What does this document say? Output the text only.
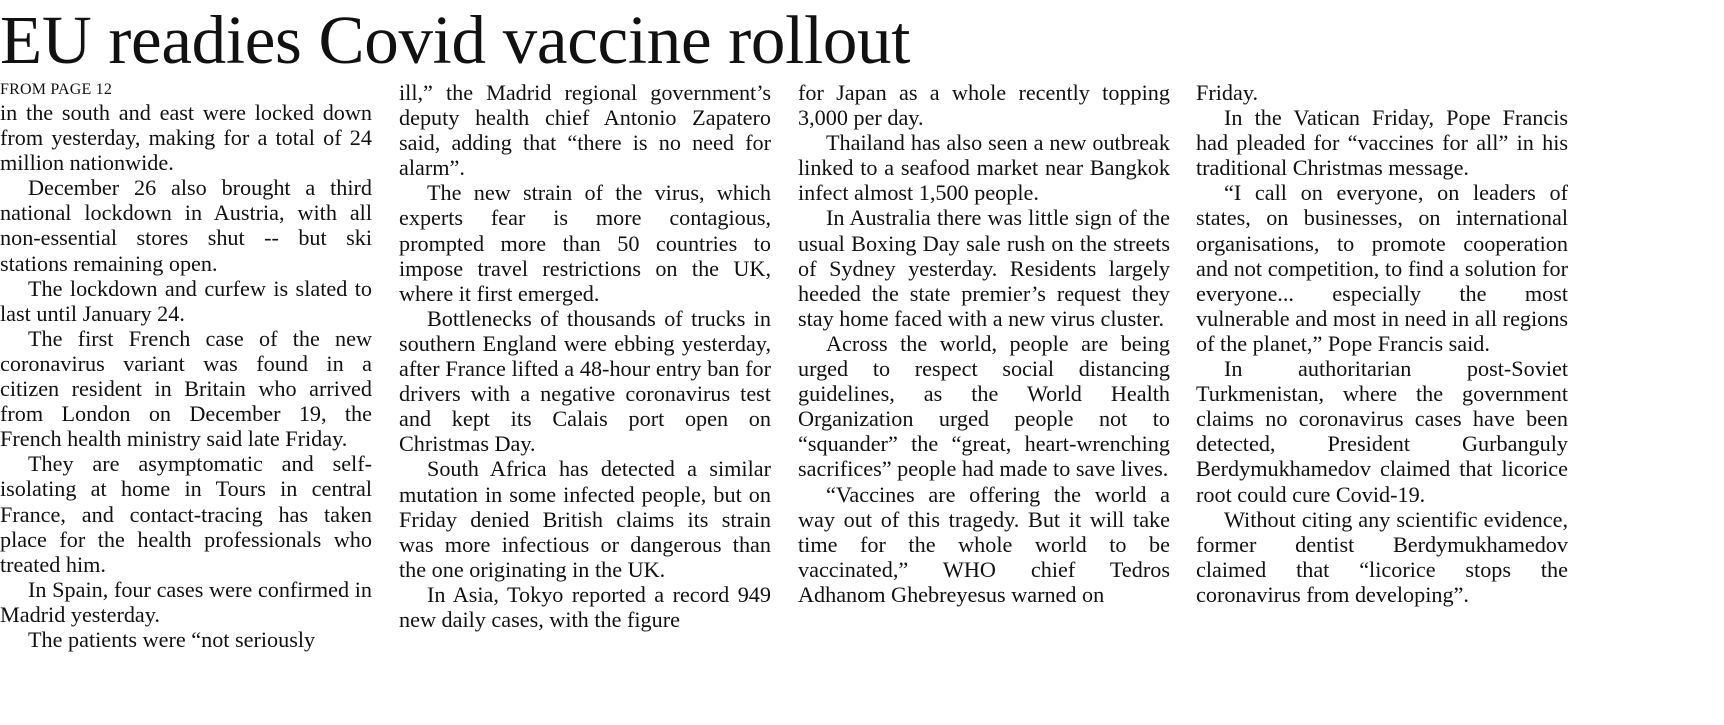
EU readies Covid vaccine rollout
FROM PAGE 12

in the south and east were locked down from yesterday, making for a total of 24 million nationwide.

December 26 also brought a third national lockdown in Austria, with all non-essential stores shut -- but ski stations remaining open.

The lockdown and curfew is slated to last until January 24.

The first French case of the new coronavirus variant was found in a citizen resident in Britain who arrived from London on December 19, the French health ministry said late Friday.

They are asymptomatic and self-isolating at home in Tours in central France, and contact-tracing has taken place for the health professionals who treated him.

In Spain, four cases were confirmed in Madrid yesterday.

The patients were “not seriously

ill,” the Madrid regional government’s deputy health chief Antonio Zapatero said, adding that “there is no need for alarm”.

The new strain of the virus, which experts fear is more contagious, prompted more than 50 countries to impose travel restrictions on the UK, where it first emerged.

Bottlenecks of thousands of trucks in southern England were ebbing yesterday, after France lifted a 48-hour entry ban for drivers with a negative coronavirus test and kept its Calais port open on Christmas Day.

South Africa has detected a similar mutation in some infected people, but on Friday denied British claims its strain was more infectious or dangerous than the one originating in the UK.

In Asia, Tokyo reported a record 949 new daily cases, with the figure

for Japan as a whole recently topping 3,000 per day.

Thailand has also seen a new outbreak linked to a seafood market near Bangkok infect almost 1,500 people.

In Australia there was little sign of the usual Boxing Day sale rush on the streets of Sydney yesterday. Residents largely heeded the state premier’s request they stay home faced with a new virus cluster.

Across the world, people are being urged to respect social distancing guidelines, as the World Health Organization urged people not to “squander” the “great, heart-wrenching sacrifices” people had made to save lives.

“Vaccines are offering the world a way out of this tragedy. But it will take time for the whole world to be vaccinated,” WHO chief Tedros Adhanom Ghebreyesus warned on

Friday.

In the Vatican Friday, Pope Francis had pleaded for “vaccines for all” in his traditional Christmas message.

“I call on everyone, on leaders of states, on businesses, on international organisations, to promote cooperation and not competition, to find a solution for everyone... especially the most vulnerable and most in need in all regions of the planet,” Pope Francis said.

In authoritarian post-Soviet Turkmenistan, where the government claims no coronavirus cases have been detected, President Gurbanguly Berdymukhamedov claimed that licorice root could cure Covid-19.

Without citing any scientific evidence, former dentist Berdymukhamedov claimed that “licorice stops the coronavirus from developing”.
